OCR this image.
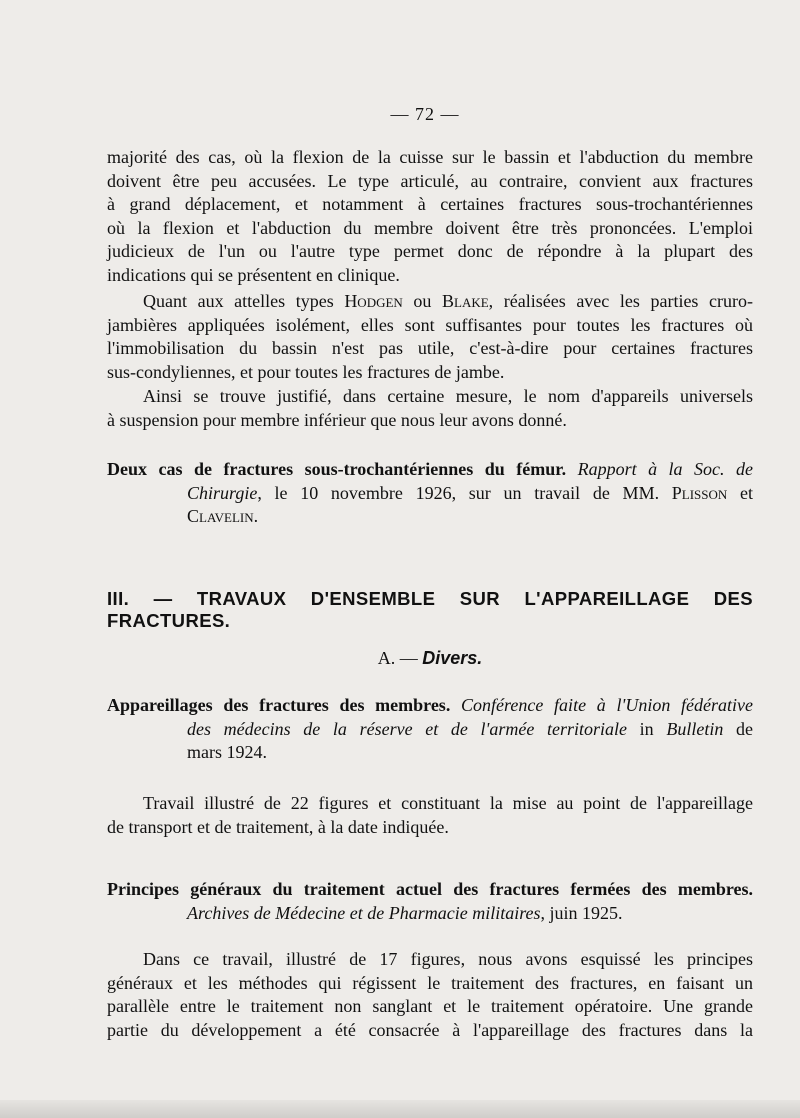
— 72 —
majorité des cas, où la flexion de la cuisse sur le bassin et l'abduction du membre
doivent être peu accusées. Le type articulé, au contraire, convient aux fractures
à grand déplacement, et notamment à certaines fractures sous-trochantériennes
où la flexion et l'abduction du membre doivent être très prononcées. L'emploi
judicieux de l'un ou l'autre type permet donc de répondre à la plupart des
indications qui se présentent en clinique.
Quant aux attelles types Hodgen ou Blake, réalisées avec les parties cruro-
jambières appliquées isolément, elles sont suffisantes pour toutes les fractures où
l'immobilisation du bassin n'est pas utile, c'est-à-dire pour certaines fractures
sus-condyliennes, et pour toutes les fractures de jambe.
Ainsi se trouve justifié, dans certaine mesure, le nom d'appareils universels
à suspension pour membre inférieur que nous leur avons donné.
Deux cas de fractures sous-trochantériennes du fémur. Rapport à la Soc. de
Chirurgie, le 10 novembre 1926, sur un travail de MM. Plisson et
Clavelin.
III. — TRAVAUX D'ENSEMBLE SUR L'APPAREILLAGE DES FRACTURES.
A. — Divers.
Appareillages des fractures des membres. Conférence faite à l'Union fédérative
des médecins de la réserve et de l'armée territoriale in Bulletin de
mars 1924.
Travail illustré de 22 figures et constituant la mise au point de l'appareillage
de transport et de traitement, à la date indiquée.
Principes généraux du traitement actuel des fractures fermées des membres.
Archives de Médecine et de Pharmacie militaires, juin 1925.
Dans ce travail, illustré de 17 figures, nous avons esquissé les principes
généraux et les méthodes qui régissent le traitement des fractures, en faisant un
parallèle entre le traitement non sanglant et le traitement opératoire. Une grande
partie du développement a été consacrée à l'appareillage des fractures dans la
